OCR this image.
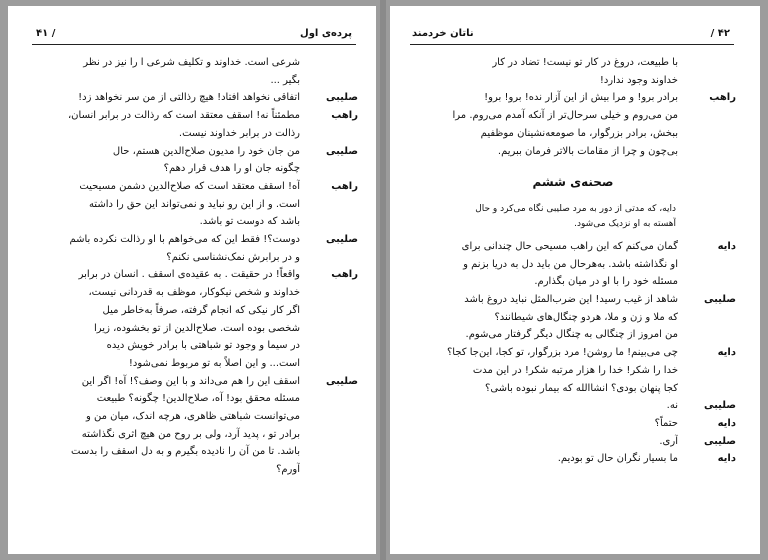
پرده‌ی اول
/ ۴۱
شرعی است. خداوند و تکلیف شرعی ا را نیز در نظر
بگیر ...
صلیبی
راهب
اتفاقی نخواهد افتاد! هیچ رذالتی از من سر نخواهد زد!
مطمئناً نه! اسقف معتقد است که رذالت در برابر انسان،
رذالت در برابر خداوند نیست.
صلیبی
من جان خود را مدیون صلاح‌الدین هستم، حال
چگونه جان او را هدف قرار دهم؟
راهب
آه! اسقف معتقد است که صلاح‌الدین دشمن مسیحیت
است. و از این رو نباید و نمی‌تواند این حق را داشته
باشد که دوست تو باشد.
صلیبی
دوست؟! فقط این که می‌خواهم با او رذالت نکرده باشم
و در برابرش نمک‌نشناسی نکنم؟
راهب
واقعاً! در حقیقت . به عقیده‌ی اسقف . انسان در برابر
خداوند و شخص نیکوکار، موظف به قدردانی نیست،
اگر کار نیکی که انجام گرفته، صرفاً به‌خاطر میل
شخصی بوده است. صلاح‌الدین از تو بخشوده، زیرا
در سیما و وجود تو شباهتی با برادر خویش دیده
است... و این اصلاً به تو مربوط نمی‌شود!
صلیبی
اسقف این را هم می‌داند و با این وصف؟! آه! اگر این
مسئله محقق بود! آه، صلاح‌الدین! چگونه؟ طبیعت
می‌توانست شباهتی ظاهری، هرچه اندک، میان من و
برادر تو ، پدید آرد، ولی بر روح من هیچ اثری نگذاشته
باشد. تا من آن را نادیده بگیرم و به دل اسقف را بدست
آورم؟
۴۲ /
ناتان خردمند
با طبیعت، دروغ در کار تو نیست! تضاد در کار
خداوند وجود ندارد!
راهب
برادر برو! و مرا بیش از این آزار نده! برو! برو!
من می‌روم و خیلی سرحال‌تر از آنکه آمدم می‌روم. مرا
ببخش، برادر بزرگوار، ما صومعه‌نشینان موظفیم
بی‌چون و چرا از مقامات بالاتر فرمان ببریم.
صحنه‌ی ششم
دایه، که مدتی از دور به مرد صلیبی نگاه می‌کرد و حال
آهسته به او نزدیک می‌شود.
دایه
گمان می‌کنم که این راهب مسیحی حال چندانی برای
او نگذاشته باشد. به‌هرحال من باید دل به دریا بزنم و
مسئله خود را با او در میان بگذارم.
صلیبی
شاهد از غیب رسید! این ضرب‌المثل نباید دروغ باشد
که ملا و زن و ملا، هردو چنگال‌های شیطانند؟
من امروز از چنگالی به چنگال دیگر گرفتار می‌شوم.
دایه
چی می‌بینم! ما روشن! مرد بزرگوار، تو کجا، این‌جا کجا؟
خدا را شکر! خدا را هزار مرتبه شکر! در این مدت
کجا پنهان بودی؟ انشاالله که بیمار نبوده باشی؟
صلیبی
نه.
دایه
حتماً؟
صلیبی
آری.
دایه
ما بسیار نگران حال تو بودیم.
